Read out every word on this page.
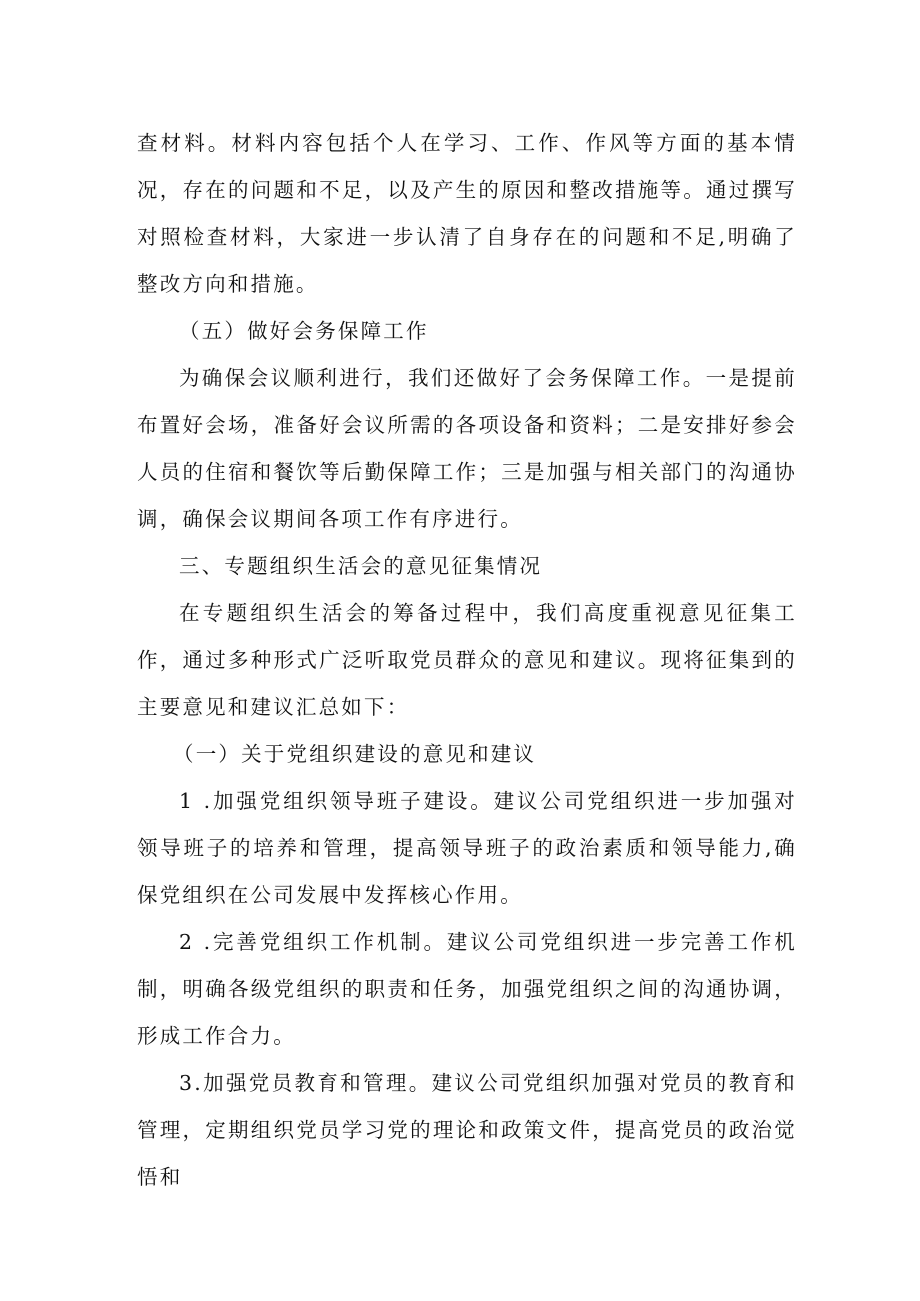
查材料。材料内容包括个人在学习、工作、作风等方面的基本情况，存在的问题和不足，以及产生的原因和整改措施等。通过撰写对照检查材料，大家进一步认清了自身存在的问题和不足,明确了整改方向和措施。

（五）做好会务保障工作

为确保会议顺利进行，我们还做好了会务保障工作。一是提前布置好会场，准备好会议所需的各项设备和资料；二是安排好参会人员的住宿和餐饮等后勤保障工作；三是加强与相关部门的沟通协调，确保会议期间各项工作有序进行。

三、专题组织生活会的意见征集情况

在专题组织生活会的筹备过程中，我们高度重视意见征集工作，通过多种形式广泛听取党员群众的意见和建议。现将征集到的主要意见和建议汇总如下：

（一）关于党组织建设的意见和建议

1 .加强党组织领导班子建设。建议公司党组织进一步加强对领导班子的培养和管理，提高领导班子的政治素质和领导能力,确保党组织在公司发展中发挥核心作用。

2 .完善党组织工作机制。建议公司党组织进一步完善工作机制，明确各级党组织的职责和任务，加强党组织之间的沟通协调，形成工作合力。

3.加强党员教育和管理。建议公司党组织加强对党员的教育和管理，定期组织党员学习党的理论和政策文件，提高党员的政治觉悟和
